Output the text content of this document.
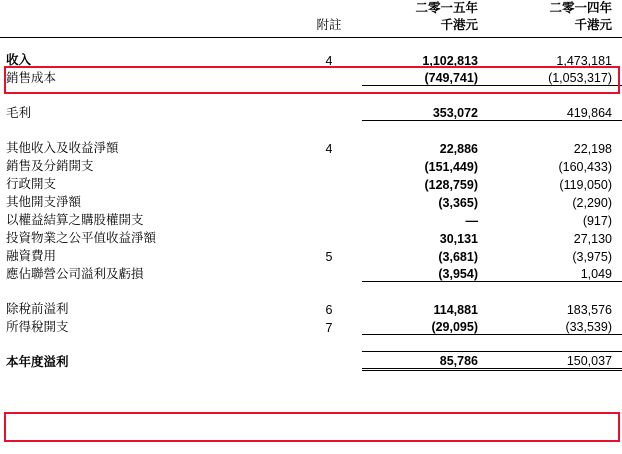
		二零一五年	二零一四年
	附註	千港元	千港元

收入	4	1,102,813	1,473,181
銷售成本		(749,741)	(1,053,317)

毛利		353,072	419,864

其他收入及收益淨額	4	22,886	22,198
銷售及分銷開支		(151,449)	(160,433)
行政開支		(128,759)	(119,050)
其他開支淨額		(3,365)	(2,290)
以權益結算之購股權開支		—	(917)
投資物業之公平值收益淨額		30,131	27,130
融資費用	5	(3,681)	(3,975)
應佔聯營公司溢利及虧損		(3,954)	1,049

除稅前溢利	6	114,881	183,576
所得稅開支	7	(29,095)	(33,539)

本年度溢利		85,786	150,037
